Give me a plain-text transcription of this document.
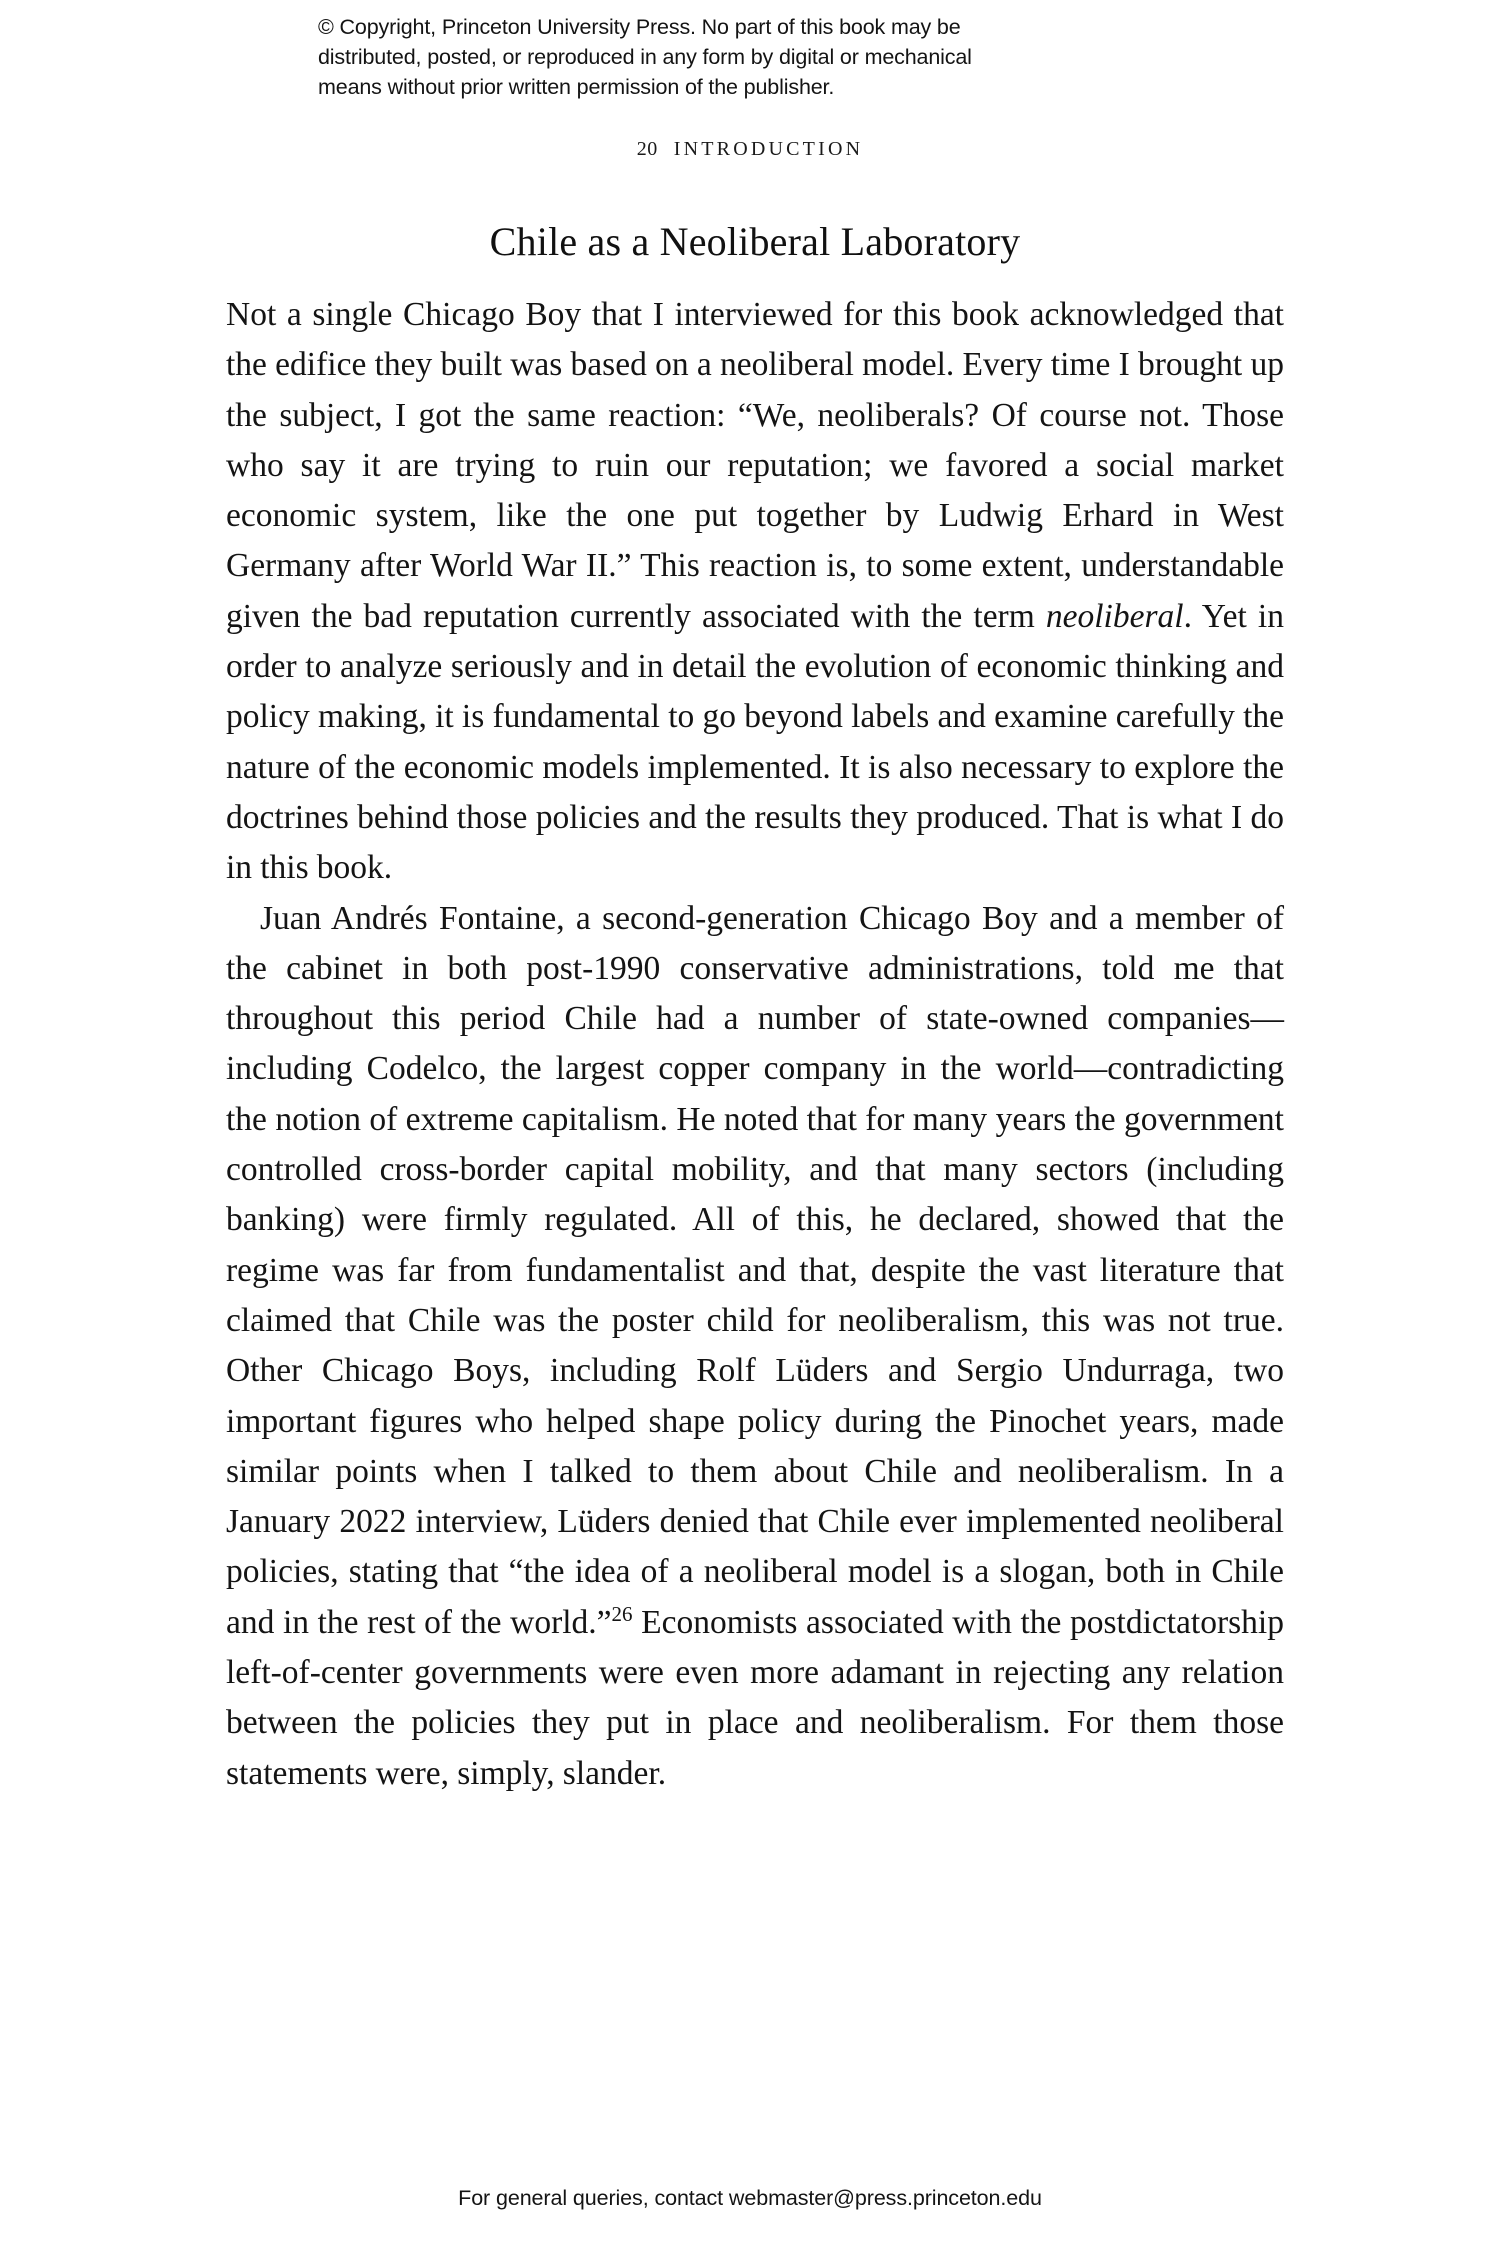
© Copyright, Princeton University Press. No part of this book may be
distributed, posted, or reproduced in any form by digital or mechanical
means without prior written permission of the publisher.
20 INTRODUCTION
Chile as a Neoliberal Laboratory

Not a single Chicago Boy that I interviewed for this book acknowledged that the edifice they built was based on a neoliberal model. Every time I brought up the subject, I got the same reaction: “We, neoliberals? Of course not. Those who say it are trying to ruin our reputation; we favored a social market economic system, like the one put together by Ludwig Erhard in West Germany after World War II.” This reaction is, to some extent, understandable given the bad reputation currently associated with the term neoliberal. Yet in order to analyze seriously and in detail the evolution of economic thinking and policy making, it is fundamental to go beyond labels and examine carefully the nature of the economic models implemented. It is also necessary to explore the doctrines behind those policies and the results they produced. That is what I do in this book.

Juan Andrés Fontaine, a second-generation Chicago Boy and a member of the cabinet in both post-1990 conservative administrations, told me that throughout this period Chile had a number of state-owned companies—including Codelco, the largest copper company in the world—contradicting the notion of extreme capitalism. He noted that for many years the government controlled cross-border capital mobility, and that many sectors (including banking) were firmly regulated. All of this, he declared, showed that the regime was far from fundamentalist and that, despite the vast literature that claimed that Chile was the poster child for neoliberalism, this was not true. Other Chicago Boys, including Rolf Lüders and Sergio Undurraga, two important figures who helped shape policy during the Pinochet years, made similar points when I talked to them about Chile and neoliberalism. In a January 2022 interview, Lüders denied that Chile ever implemented neoliberal policies, stating that “the idea of a neoliberal model is a slogan, both in Chile and in the rest of the world.”$^{26}$ Economists associated with the postdictatorship left-of-center governments were even more adamant in rejecting any relation between the policies they put in place and neoliberalism. For them those statements were, simply, slander.

For general queries, contact webmaster@press.princeton.edu
